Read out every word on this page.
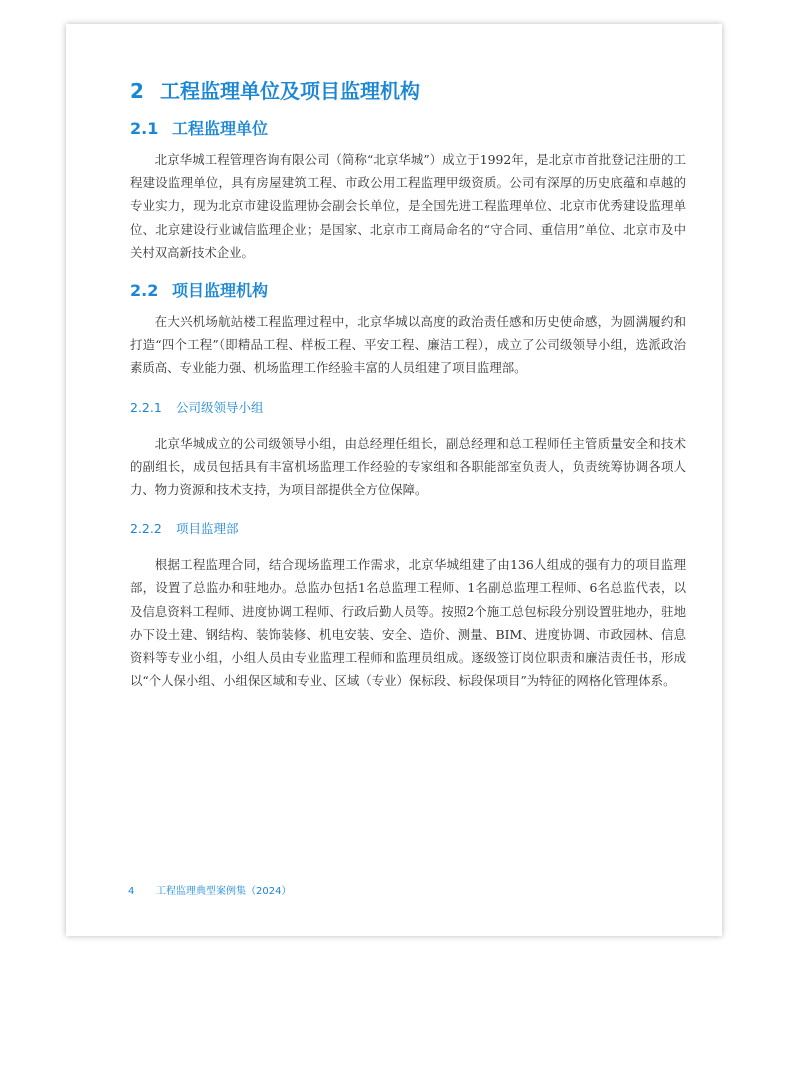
2 工程监理单位及项目监理机构
2.1 工程监理单位

北京华城工程管理咨询有限公司（简称“北京华城”）成立于1992年，是北京市首批登记注册的工程建设监理单位，具有房屋建筑工程、市政公用工程监理甲级资质。公司有深厚的历史底蕴和卓越的专业实力，现为北京市建设监理协会副会长单位，是全国先进工程监理单位、北京市优秀建设监理单位、北京建设行业诚信监理企业；是国家、北京市工商局命名的“守合同、重信用”单位、北京市及中关村双高新技术企业。

2.2 项目监理机构

在大兴机场航站楼工程监理过程中，北京华城以高度的政治责任感和历史使命感，为圆满履约和打造“四个工程”（即精品工程、样板工程、平安工程、廉洁工程），成立了公司级领导小组，选派政治素质高、专业能力强、机场监理工作经验丰富的人员组建了项目监理部。

2.2.1 公司级领导小组

北京华城成立的公司级领导小组，由总经理任组长，副总经理和总工程师任主管质量安全和技术的副组长，成员包括具有丰富机场监理工作经验的专家组和各职能部室负责人，负责统筹协调各项人力、物力资源和技术支持，为项目部提供全方位保障。

2.2.2 项目监理部

根据工程监理合同，结合现场监理工作需求，北京华城组建了由136人组成的强有力的项目监理部，设置了总监办和驻地办。总监办包括1名总监理工程师、1名副总监理工程师、6名总监代表，以及信息资料工程师、进度协调工程师、行政后勤人员等。按照2个施工总包标段分别设置驻地办，驻地办下设土建、钢结构、装饰装修、机电安装、安全、造价、测量、BIM、进度协调、市政园林、信息资料等专业小组，小组人员由专业监理工程师和监理员组成。逐级签订岗位职责和廉洁责任书，形成以“个人保小组、小组保区域和专业、区域（专业）保标段、标段保项目”为特征的网格化管理体系。

4 工程监理典型案例集（2024）
